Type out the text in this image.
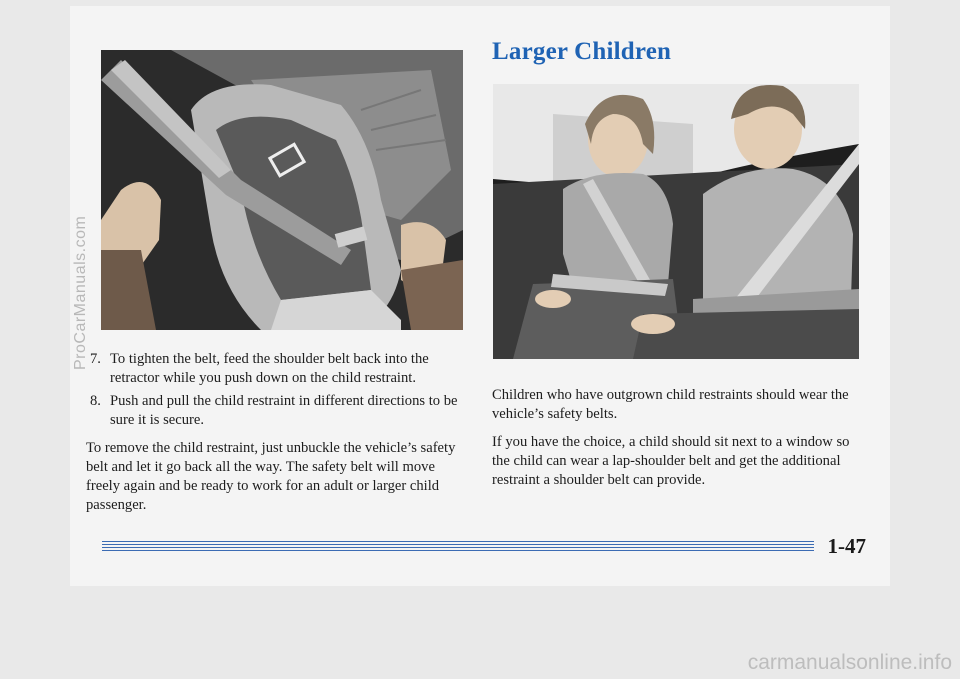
Larger Children
7. To tighten the belt, feed the shoulder belt back into the retractor while you push down on the child restraint.
8. Push and pull the child restraint in different directions to be sure it is secure.

To remove the child restraint, just unbuckle the vehicle’s safety belt and let it go back all the way. The safety belt will move freely again and be ready to work for an adult or larger child passenger.

Children who have outgrown child restraints should wear the vehicle’s safety belts.

If you have the choice, a child should sit next to a window so the child can wear a lap-shoulder belt and get the additional restraint a shoulder belt can provide.

1-47
ProCarManuals.com
carmanualsonline.info
